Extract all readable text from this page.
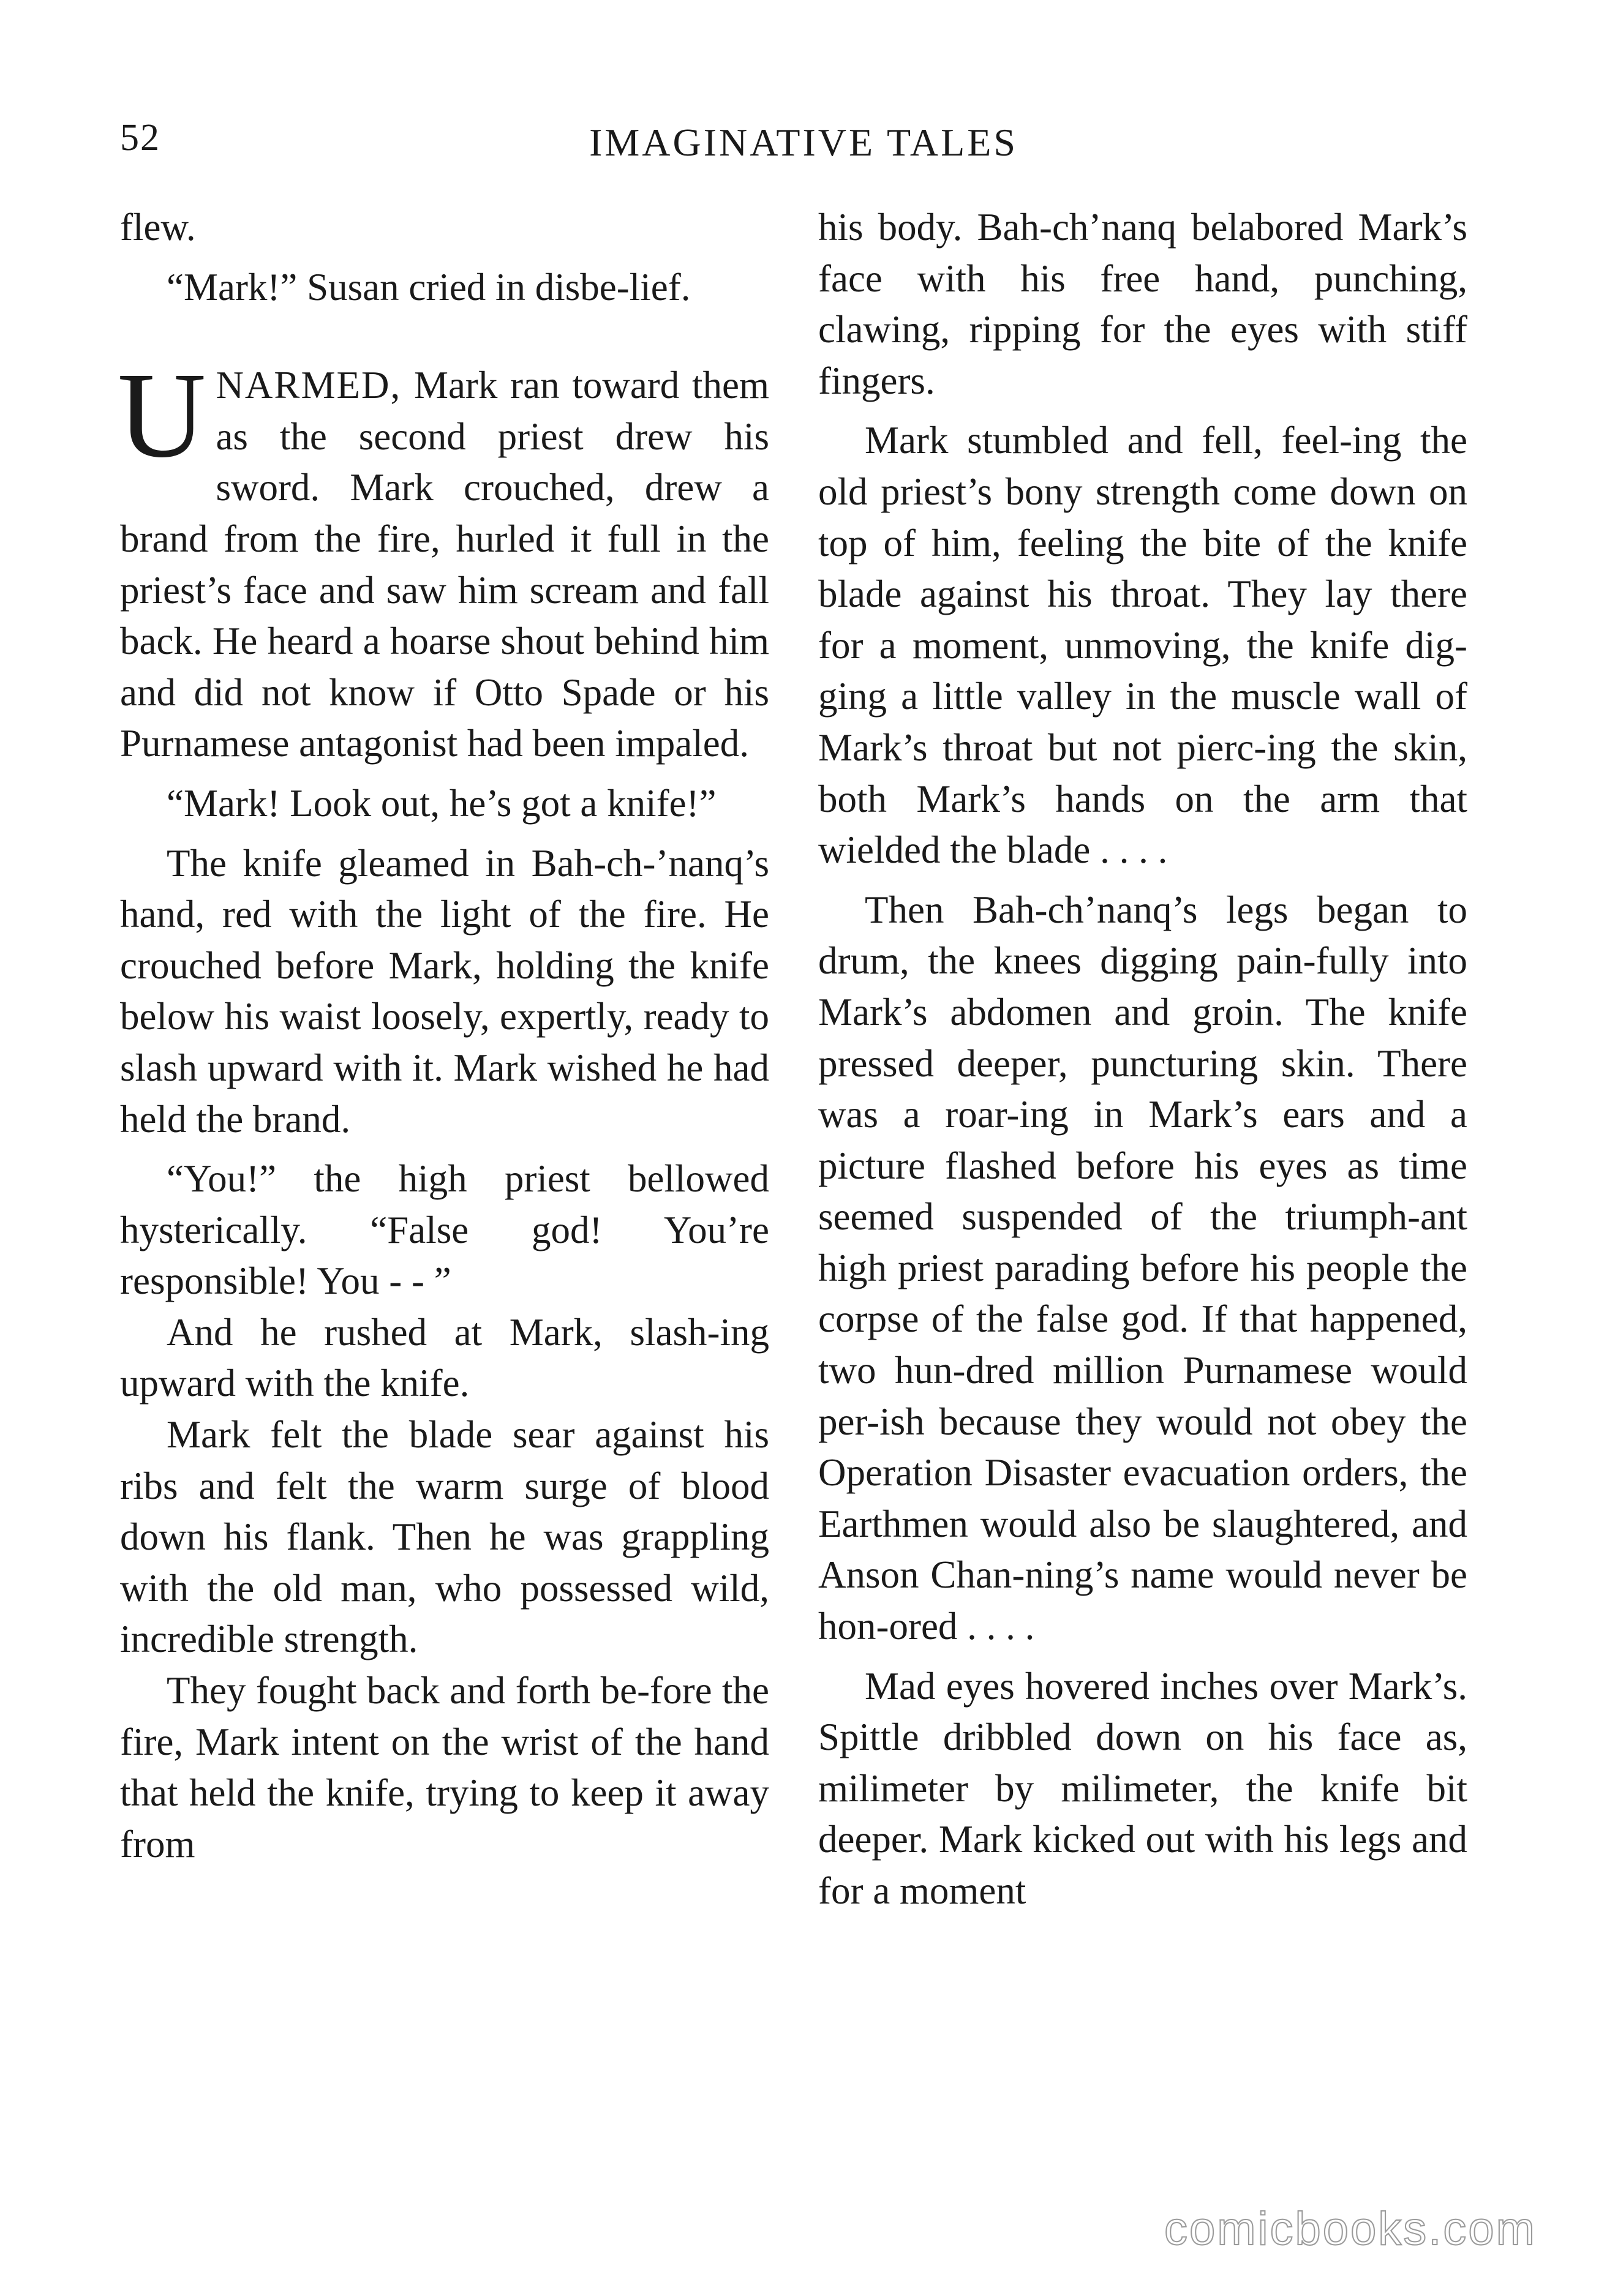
52	IMAGINATIVE TALES

flew.

“Mark!” Susan cried in disbe-lief.

UNARMED, Mark ran toward them as the second priest drew his sword. Mark crouched, drew a brand from the fire, hurled it full in the priest’s face and saw him scream and fall back. He heard a hoarse shout behind him and did not know if Otto Spade or his Purnamese antagonist had been impaled.

“Mark! Look out, he’s got a knife!”

The knife gleamed in Bah-ch-’nanq’s hand, red with the light of the fire. He crouched before Mark, holding the knife below his waist loosely, expertly, ready to slash upward with it. Mark wished he had held the brand.

“You!” the high priest bellowed hysterically. “False god! You’re responsible! You - - ”

And he rushed at Mark, slash-ing upward with the knife.

Mark felt the blade sear against his ribs and felt the warm surge of blood down his flank. Then he was grappling with the old man, who possessed wild, incredible strength.

They fought back and forth be-fore the fire, Mark intent on the wrist of the hand that held the knife, trying to keep it away from

his body. Bah-ch’nanq belabored Mark’s face with his free hand, punching, clawing, ripping for the eyes with stiff fingers.

Mark stumbled and fell, feel-ing the old priest’s bony strength come down on top of him, feeling the bite of the knife blade against his throat. They lay there for a moment, unmoving, the knife dig-ging a little valley in the muscle wall of Mark’s throat but not pierc-ing the skin, both Mark’s hands on the arm that wielded the blade . . . .

Then Bah-ch’nanq’s legs began to drum, the knees digging pain-fully into Mark’s abdomen and groin. The knife pressed deeper, puncturing skin. There was a roar-ing in Mark’s ears and a picture flashed before his eyes as time seemed suspended of the triumph-ant high priest parading before his people the corpse of the false god. If that happened, two hun-dred million Purnamese would per-ish because they would not obey the Operation Disaster evacuation orders, the Earthmen would also be slaughtered, and Anson Chan-ning’s name would never be hon-ored . . . .

Mad eyes hovered inches over Mark’s. Spittle dribbled down on his face as, milimeter by milimeter, the knife bit deeper. Mark kicked out with his legs and for a moment

comicbooks.com
